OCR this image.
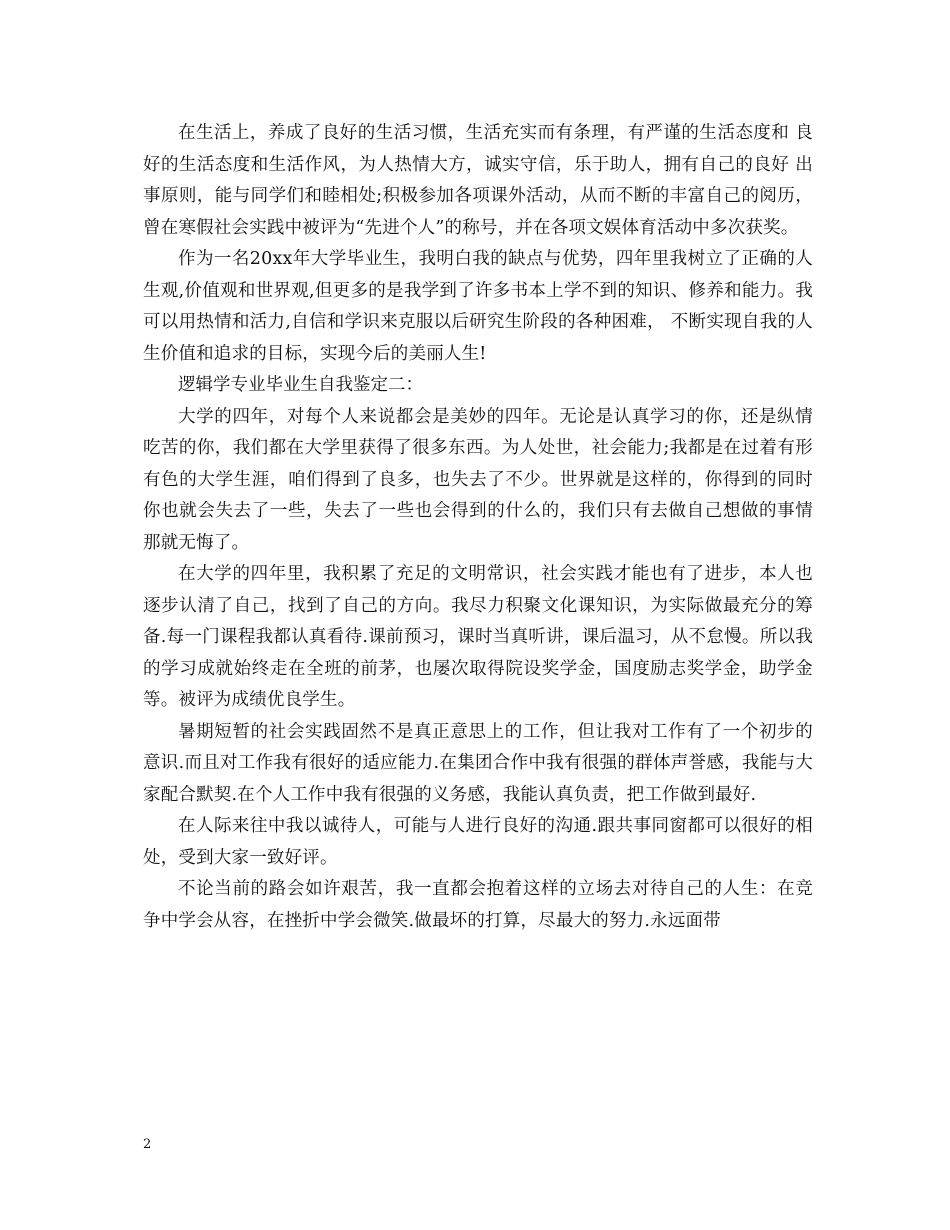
在生活上，养成了良好的生活习惯，生活充实而有条理，有严谨的生活态度和 良好的生活态度和生活作风，为人热情大方，诚实守信，乐于助人，拥有自己的良好 出事原则，能与同学们和睦相处;积极参加各项课外活动，从而不断的丰富自己的阅历，曾在寒假社会实践中被评为“先进个人”的称号，并在各项文娱体育活动中多次获奖。

作为一名20xx年大学毕业生，我明白我的缺点与优势，四年里我树立了正确的人生观,价值观和世界观,但更多的是我学到了许多书本上学不到的知识、修养和能力。我可以用热情和活力,自信和学识来克服以后研究生阶段的各种困难， 不断实现自我的人生价值和追求的目标，实现今后的美丽人生!

逻辑学专业毕业生自我鉴定二：

大学的四年，对每个人来说都会是美妙的四年。无论是认真学习的你，还是纵情吃苦的你，我们都在大学里获得了很多东西。为人处世，社会能力;我都是在过着有形有色的大学生涯，咱们得到了良多，也失去了不少。世界就是这样的，你得到的同时你也就会失去了一些，失去了一些也会得到的什么的，我们只有去做自己想做的事情那就无悔了。

在大学的四年里，我积累了充足的文明常识，社会实践才能也有了进步，本人也逐步认清了自己，找到了自己的方向。我尽力积聚文化课知识，为实际做最充分的筹备.每一门课程我都认真看待.课前预习，课时当真听讲，课后温习，从不怠慢。所以我的学习成就始终走在全班的前茅，也屡次取得院设奖学金，国度励志奖学金，助学金等。被评为成绩优良学生。

暑期短暂的社会实践固然不是真正意思上的工作，但让我对工作有了一个初步的意识.而且对工作我有很好的适应能力.在集团合作中我有很强的群体声誉感，我能与大家配合默契.在个人工作中我有很强的义务感，我能认真负责，把工作做到最好.

在人际来往中我以诚待人，可能与人进行良好的沟通.跟共事同窗都可以很好的相处，受到大家一致好评。

不论当前的路会如许艰苦，我一直都会抱着这样的立场去对待自己的人生：在竞争中学会从容，在挫折中学会微笑.做最坏的打算，尽最大的努力.永远面带

2
